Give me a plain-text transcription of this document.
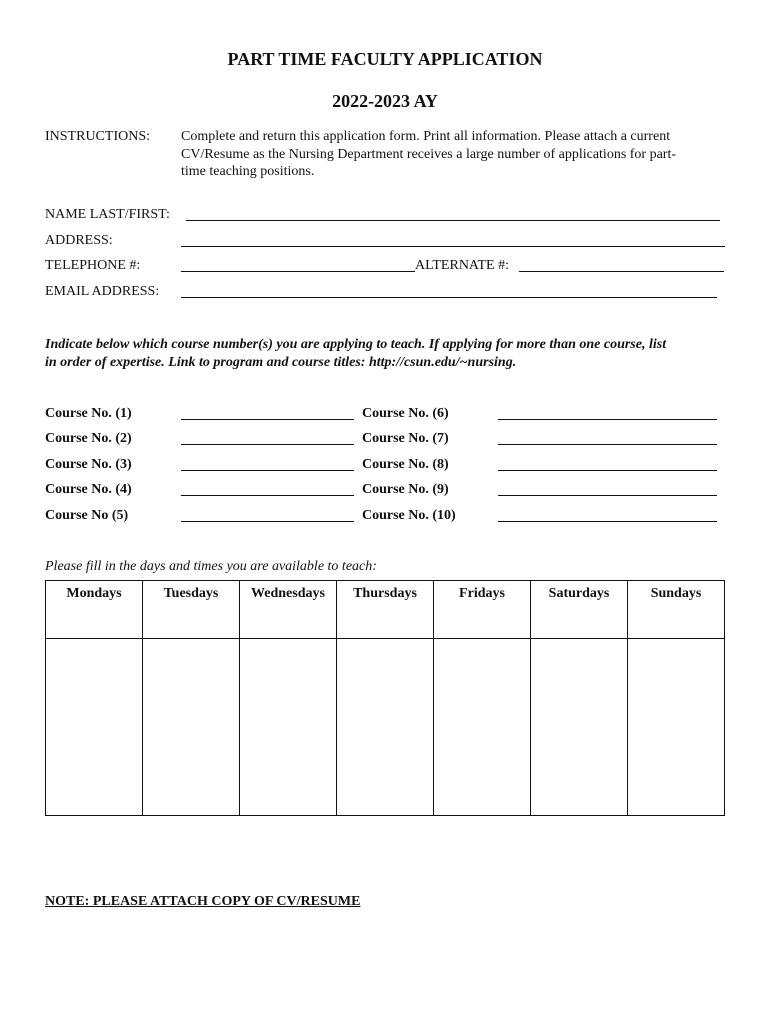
PART TIME FACULTY APPLICATION
2022-2023 AY
INSTRUCTIONS: Complete and return this application form. Print all information. Please attach a current
CV/Resume as the Nursing Department receives a large number of applications for part-
time teaching positions.
NAME LAST/FIRST:
ADDRESS:
TELEPHONE #:	ALTERNATE #:
EMAIL ADDRESS:
Indicate below which course number(s) you are applying to teach. If applying for more than one course, list
in order of expertise. Link to program and course titles: http://csun.edu/~nursing.
Course No. (1)
Course No. (2)
Course No. (3)
Course No. (4)
Course No (5)
Course No. (6)
Course No. (7)
Course No. (8)
Course No. (9)
Course No. (10)
Please fill in the days and times you are available to teach:
Mondays	Tuesdays	Wednesdays	Thursdays	Fridays	Saturdays	Sundays

NOTE: PLEASE ATTACH COPY OF CV/RESUME
